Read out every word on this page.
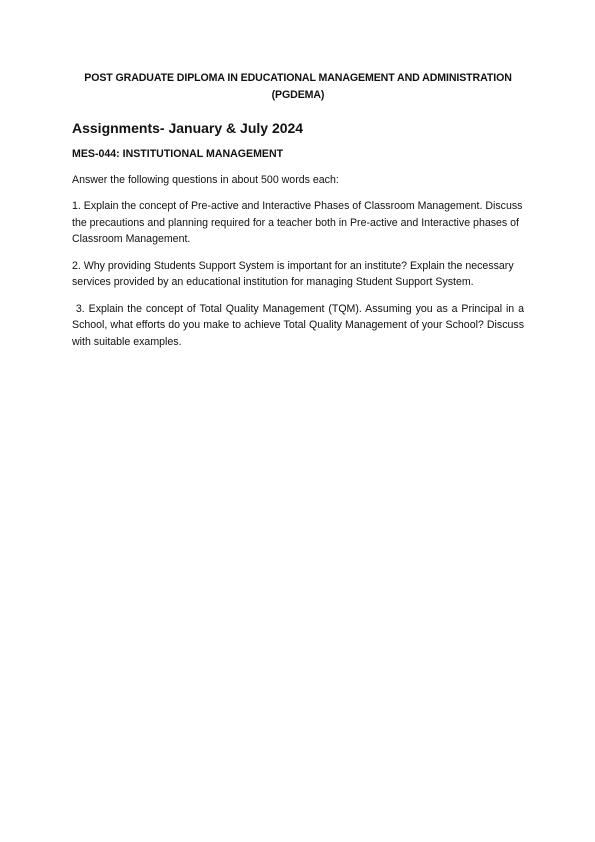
POST GRADUATE DIPLOMA IN EDUCATIONAL MANAGEMENT AND ADMINISTRATION
(PGDEMA)
Assignments- January & July 2024
MES-044: INSTITUTIONAL MANAGEMENT
Answer the following questions in about 500 words each:
1. Explain the concept of Pre-active and Interactive Phases of Classroom Management. Discuss the precautions and planning required for a teacher both in Pre-active and Interactive phases of Classroom Management.
2. Why providing Students Support System is important for an institute? Explain the necessary services provided by an educational institution for managing Student Support System.
3. Explain the concept of Total Quality Management (TQM). Assuming you as a Principal in a School, what efforts do you make to achieve Total Quality Management of your School? Discuss with suitable examples.
